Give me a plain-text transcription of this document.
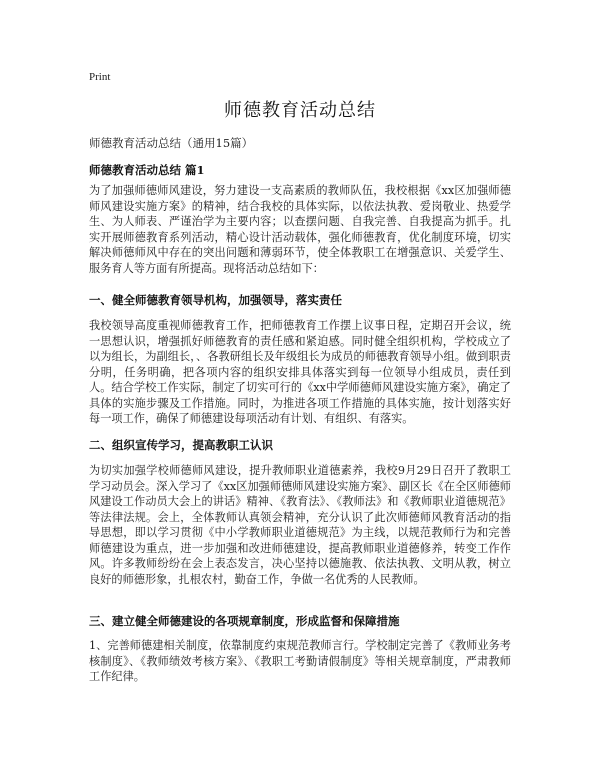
Print
师德教育活动总结
师德教育活动总结（通用15篇）
师德教育活动总结 篇1

为了加强师德师风建设，努力建设一支高素质的教师队伍，我校根据《xx区加强师德师风建设实施方案》的精神，结合我校的具体实际，以依法执教、爱岗敬业、热爱学生、为人师表、严谨治学为主要内容；以查摆问题、自我完善、自我提高为抓手。扎实开展师德教育系列活动，精心设计活动载体，强化师德教育，优化制度环境，切实解决师德师风中存在的突出问题和薄弱环节，使全体教职工在增强意识、关爱学生、服务育人等方面有所提高。现将活动总结如下：

一、健全师德教育领导机构，加强领导，落实责任

我校领导高度重视师德教育工作，把师德教育工作摆上议事日程，定期召开会议，统一思想认识，增强抓好师德教育的责任感和紧迫感。同时健全组织机构，学校成立了以为组长，为副组长，、各教研组长及年级组长为成员的师德教育领导小组。做到职责分明，任务明确，把各项内容的组织安排具体落实到每一位领导小组成员，责任到人。结合学校工作实际，制定了切实可行的《xx中学师德师风建设实施方案》，确定了具体的实施步骤及工作措施。同时，为推进各项工作措施的具体实施，按计划落实好每一项工作，确保了师德建设每项活动有计划、有组织、有落实。

二、组织宣传学习，提高教职工认识

为切实加强学校师德师风建设，提升教师职业道德素养，我校9月29日召开了教职工学习动员会。深入学习了《xx区加强师德师风建设实施方案》、副区长《在全区师德师风建设工作动员大会上的讲话》精神、《教育法》、《教师法》和《教师职业道德规范》等法律法规。会上，全体教师认真领会精神，充分认识了此次师德师风教育活动的指导思想，即以学习贯彻《中小学教师职业道德规范》为主线，以规范教师行为和完善师德建设为重点，进一步加强和改进师德建设，提高教师职业道德修养，转变工作作风。许多教师纷纷在会上表态发言，决心坚持以德施教、依法执教、文明从教，树立良好的师德形象，扎根农村，勤奋工作，争做一名优秀的人民教师。

三、建立健全师德建设的各项规章制度，形成监督和保障措施

1、完善师德建相关制度，依靠制度约束规范教师言行。学校制定完善了《教师业务考核制度》、《教师绩效考核方案》、《教职工考勤请假制度》等相关规章制度，严肃教师工作纪律。
